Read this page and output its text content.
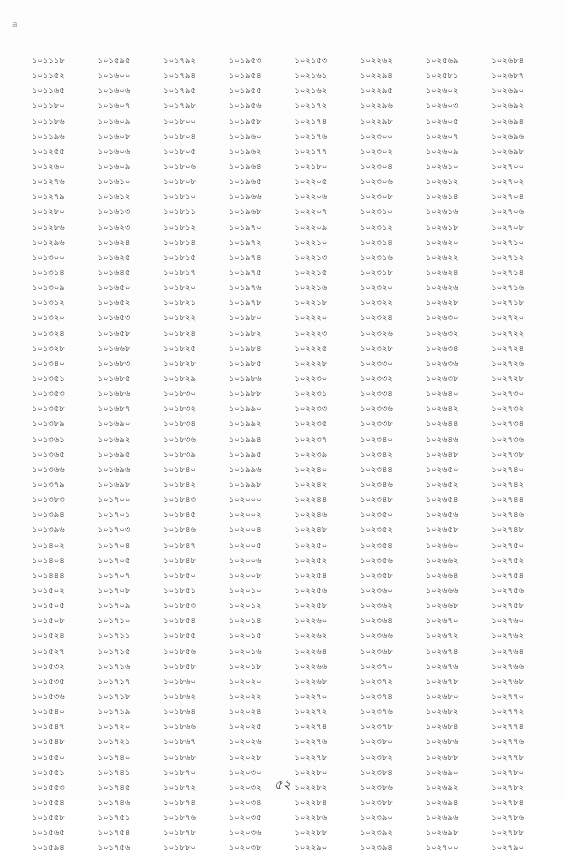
a
১০১১১৮	১০১৫৯৫	১০১৭৯২	১০১৯৫৩	১০২১৫৩	১০২২৬২	১০২৫৬৯	১০২৬৮৪
১০১১৫২	১০১৬০০	১০১৭৯৪	১০১৯৫৪	১০২১৬১	১০২২৯৪	১০২৫৮১	১০২৬৮৭
১০১১৬৫	১০১৬০৬	১০১৭৯৫	১০১৯৫৫	১০২১৬২	১০২২৯৫	১০২৬০২	১০২৬৯০
১০১১৮০	১০১৬০৭	১০১৭৯৮	১০১৯৫৬	১০২১৭২	১০২২৯৬	১০২৬০৩	১০২৬৯২
১০১১৮৬	১০১৬০৯	১০১৮০০	১০১৯৫৮	১০২১৭৪	১০২২৯৮	১০২৬০৫	১০২৬৯৪
১০১১৯৬	১০১৬০৮	১০১৮০৪	১০১৯৬০	১০২১৭৬	১০২৩০০	১০২৬০৭	১০২৬৯৬
১০১২৫৫	১০১৬০৬	১০১৮০৫	১০১৯৬২	১০২১৭৭	১০২৩০২	১০২৬০৯	১০২৬৯৮
১০১২৬০	১০১৬০৯	১০১৮০৬	১০১৯৬৪	১০২১৮০	১০২৩০৪	১০২৬১০	১০২৭০০
১০১২৭৬	১০১৬১০	১০১৮০৮	১০১৯৬৫	১০২২০৫	১০২৩০৬	১০২৬১২	১০২৭০২
১০১২৭৯	১০১৬১২	১০১৮১০	১০১৯৬৬	১০২২০৬	১০২৩০৮	১০২৬১৪	১০২৭০৪
১০১২৮০	১০১৬১৩	১০১৮১১	১০১৯৬৮	১০২২০৭	১০২৩১০	১০২৬১৬	১০২৭০৬
১০১২৮৬	১০১৬২৩	১০১৮১২	১০১৯৭০	১০২২০৯	১০২৩১২	১০২৬১৮	১০২৭০৮
১০১২৯৬	১০১৬২৪	১০১৮১৪	১০১৯৭২	১০২২১০	১০২৩১৪	১০২৬২০	১০২৭১০
১০১৩০০	১০১৬২৫	১০১৮১৫	১০১৯৭৪	১০২২১৩	১০২৩১৬	১০২৬২২	১০২৭১২
১০১৩১৪	১০১৬৪৫	১০১৮১৭	১০১৯৭৫	১০২২১৫	১০২৩১৮	১০২৬২৪	১০২৭১৪
১০১৩০৯	১০১৬৫০	১০১৮২০	১০১৯৭৬	১০২২১৬	১০২৩২০	১০২৬২৬	১০২৭১৬
১০১৩১২	১০১৬৫২	১০১৮২১	১০১৯৭৮	১০২২১৮	১০২৩২২	১০২৬২৮	১০২৭১৮
১০১৩২০	১০১৬৫৩	১০১৮২২	১০১৯৮০	১০২২২০	১০২৩২৪	১০২৬৩০	১০২৭২০
১০১৩২৪	১০১৬৫৮	১০১৮২৪	১০১৯৮২	১০২২২৩	১০২৩২৬	১০২৬৩২	১০২৭২২
১০১৩২৮	১০১৬৬৮	১০১৮২৫	১০১৯৮৪	১০২২২৫	১০২৩২৮	১০২৬৩৪	১০২৭২৪
১০১৩৪০	১০১৬৮৩	১০১৮২৮	১০১৯৮৫	১০২২২৮	১০২৩৩০	১০২৬৩৬	১০২৭২৬
১০১৩৫১	১০১৬৮৫	১০১৮২৯	১০১৯৮৬	১০২২৩০	১০২৩৩২	১০২৬৩৮	১০২৭২৮
১০১৩৫৩	১০১৬৮৬	১০১৮৩০	১০১৯৮৮	১০২২৩১	১০২৩৩৪	১০২৬৪০	১০২৭৩০
১০১৩৫৮	১০১৬৮৭	১০১৮৩২	১০১৯৯০	১০২২৩৩	১০২৩৩৬	১০২৬৪২	১০২৭৩২
১০১৩৮৯	১০১৬৯০	১০১৮৩৪	১০১৯৯২	১০২২৩৫	১০২৩৩৮	১০২৬৪৪	১০২৭৩৪
১০১৩৬১	১০১৬৯২	১০১৮৩৬	১০১৯৯৪	১০২২৩৭	১০২৩৪০	১০২৬৪৬	১০২৭৩৬
১০১৩৬৫	১০১৬৯৫	১০১৮৩৯	১০১৯৯৫	১০২২৩৯	১০২৩৪২	১০২৬৪৮	১০২৭৩৮
১০১৩৬৬	১০১৬৯৬	১০১৮৪০	১০১৯৯৬	১০২২৪০	১০২৩৪৪	১০২৬৫০	১০২৭৪০
১০১৩৭৯	১০১৬৯৮	১০১৮৪২	১০১৯৯৮	১০২২৪২	১০২৩৪৬	১০২৬৫২	১০২৭৪২
১০১৩৮৩	১০১৭০০	১০১৮৪৩	১০২০০০	১০২২৪৪	১০২৩৪৮	১০২৬৫৪	১০২৭৪৪
১০১৩৯৪	১০১৭০১	১০১৮৪৫	১০২০০২	১০২২৪৬	১০২৩৫০	১০২৬৫৬	১০২৭৪৬
১০১৩৯৬	১০১৭০৩	১০১৮৪৬	১০২০০৪	১০২২৪৮	১০২৩৫২	১০২৬৫৮	১০২৭৪৮
১০১৪০২	১০১৭০৪	১০১৮৪৭	১০২০০৫	১০২২৫০	১০২৩৫৪	১০২৬৬০	১০২৭৫০
১০১৪০৪	১০১৭০৫	১০১৮৪৮	১০২০০৬	১০২২৫২	১০২৩৫৬	১০২৬৬২	১০২৭৫২
১০১৪৪৪	১০১৭০৭	১০১৮৫০	১০২০০৮	১০২২৫৪	১০২৩৫৮	১০২৬৬৪	১০২৭৫৪
১০১৫০২	১০১৭০৮	১০১৮৫১	১০২০১০	১০২২৫৬	১০২৩৬০	১০২৬৬৬	১০২৭৫৬
১০১৫০৫	১০১৭০৯	১০১৮৫৩	১০২০১২	১০২২৫৮	১০২৩৬২	১০২৬৬৮	১০২৭৫৮
১০১৫০৮	১০১৭১০	১০১৮৫৪	১০২০১৪	১০২২৬০	১০২৩৬৪	১০২৬৭০	১০২৭৬০
১০১৫২৪	১০১৭১১	১০১৮৫৫	১০২০১৫	১০২২৬২	১০২৩৬৬	১০২৬৭২	১০২৭৬২
১০১৫২৭	১০১৭১৫	১০১৮৫৬	১০২০১৬	১০২২৬৪	১০২৩৬৮	১০২৬৭৪	১০২৭৬৪
১০১৫৩২	১০১৭১৬	১০১৮৫৮	১০২০১৮	১০২২৬৬	১০২৩৭০	১০২৬৭৬	১০২৭৬৬
১০১৫৩৫	১০১৭১৭	১০১৮৬০	১০২০২০	১০২২৬৮	১০২৩৭২	১০২৬৭৮	১০২৭৬৮
১০১৫৩৬	১০১৭১৮	১০১৮৬২	১০২০২২	১০২২৭০	১০২৩৭৪	১০২৬৮০	১০২৭৭০
১০১৫৪০	১০১৭১৯	১০১৮৬৪	১০২০২৪	১০২২৭২	১০২৩৭৬	১০২৬৮২	১০২৭৭২
১০১৫৪৭	১০১৭২০	১০১৮৬৬	১০২০২৫	১০২২৭৪	১০২৩৭৮	১০২৬৮৪	১০২৭৭৪
১০১৫৪৮	১০১৭২১	১০১৮৬৭	১০২০২৬	১০২২৭৬	১০২৩৮০	১০২৬৮৬	১০২৭৭৬
১০১৫৫০	১০১৭৪০	১০১৮৬৮	১০২০২৮	১০২২৭৮	১০২৩৮২	১০২৬৮৮	১০২৭৭৮
১০১৫৫১	১০১৭৪১	১০১৮৭০	১০২০৩০	১০২২৮০	১০২৩৮৪	১০২৬৯০	১০২৭৮০
১০১৫৫৩	১০১৭৪৫	১০১৮৭২	১০২০৩২	১০২২৮২	১০২৩৮৬	১০২৬৯২	১০২৭৮২
১০১৫৫৪	১০১৭৪৬	১০১৮৭৪	১০২০৩৪	১০২২৮৪	১০২৩৮৮	১০২৬৯৪	১০২৭৮৪
১০১৫৫৮	১০১৭৫১	১০১৮৭৬	১০২০৩৫	১০২২৮৬	১০২৩৯০	১০২৬৯৬	১০২৭৮৬
১০১৫৬৫	১০১৭৫৪	১০১৮৭৮	১০২০৩৬	১০২২৮৮	১০২৩৯২	১০২৬৯৮	১০২৭৮৮
১০১৫৯৪	১০১৭৫৬	১০১৮৮০	১০২০৩৮	১০২২৯০	১০২৩৯৪	১০২৭০০	১০২৭৯০
৫২
